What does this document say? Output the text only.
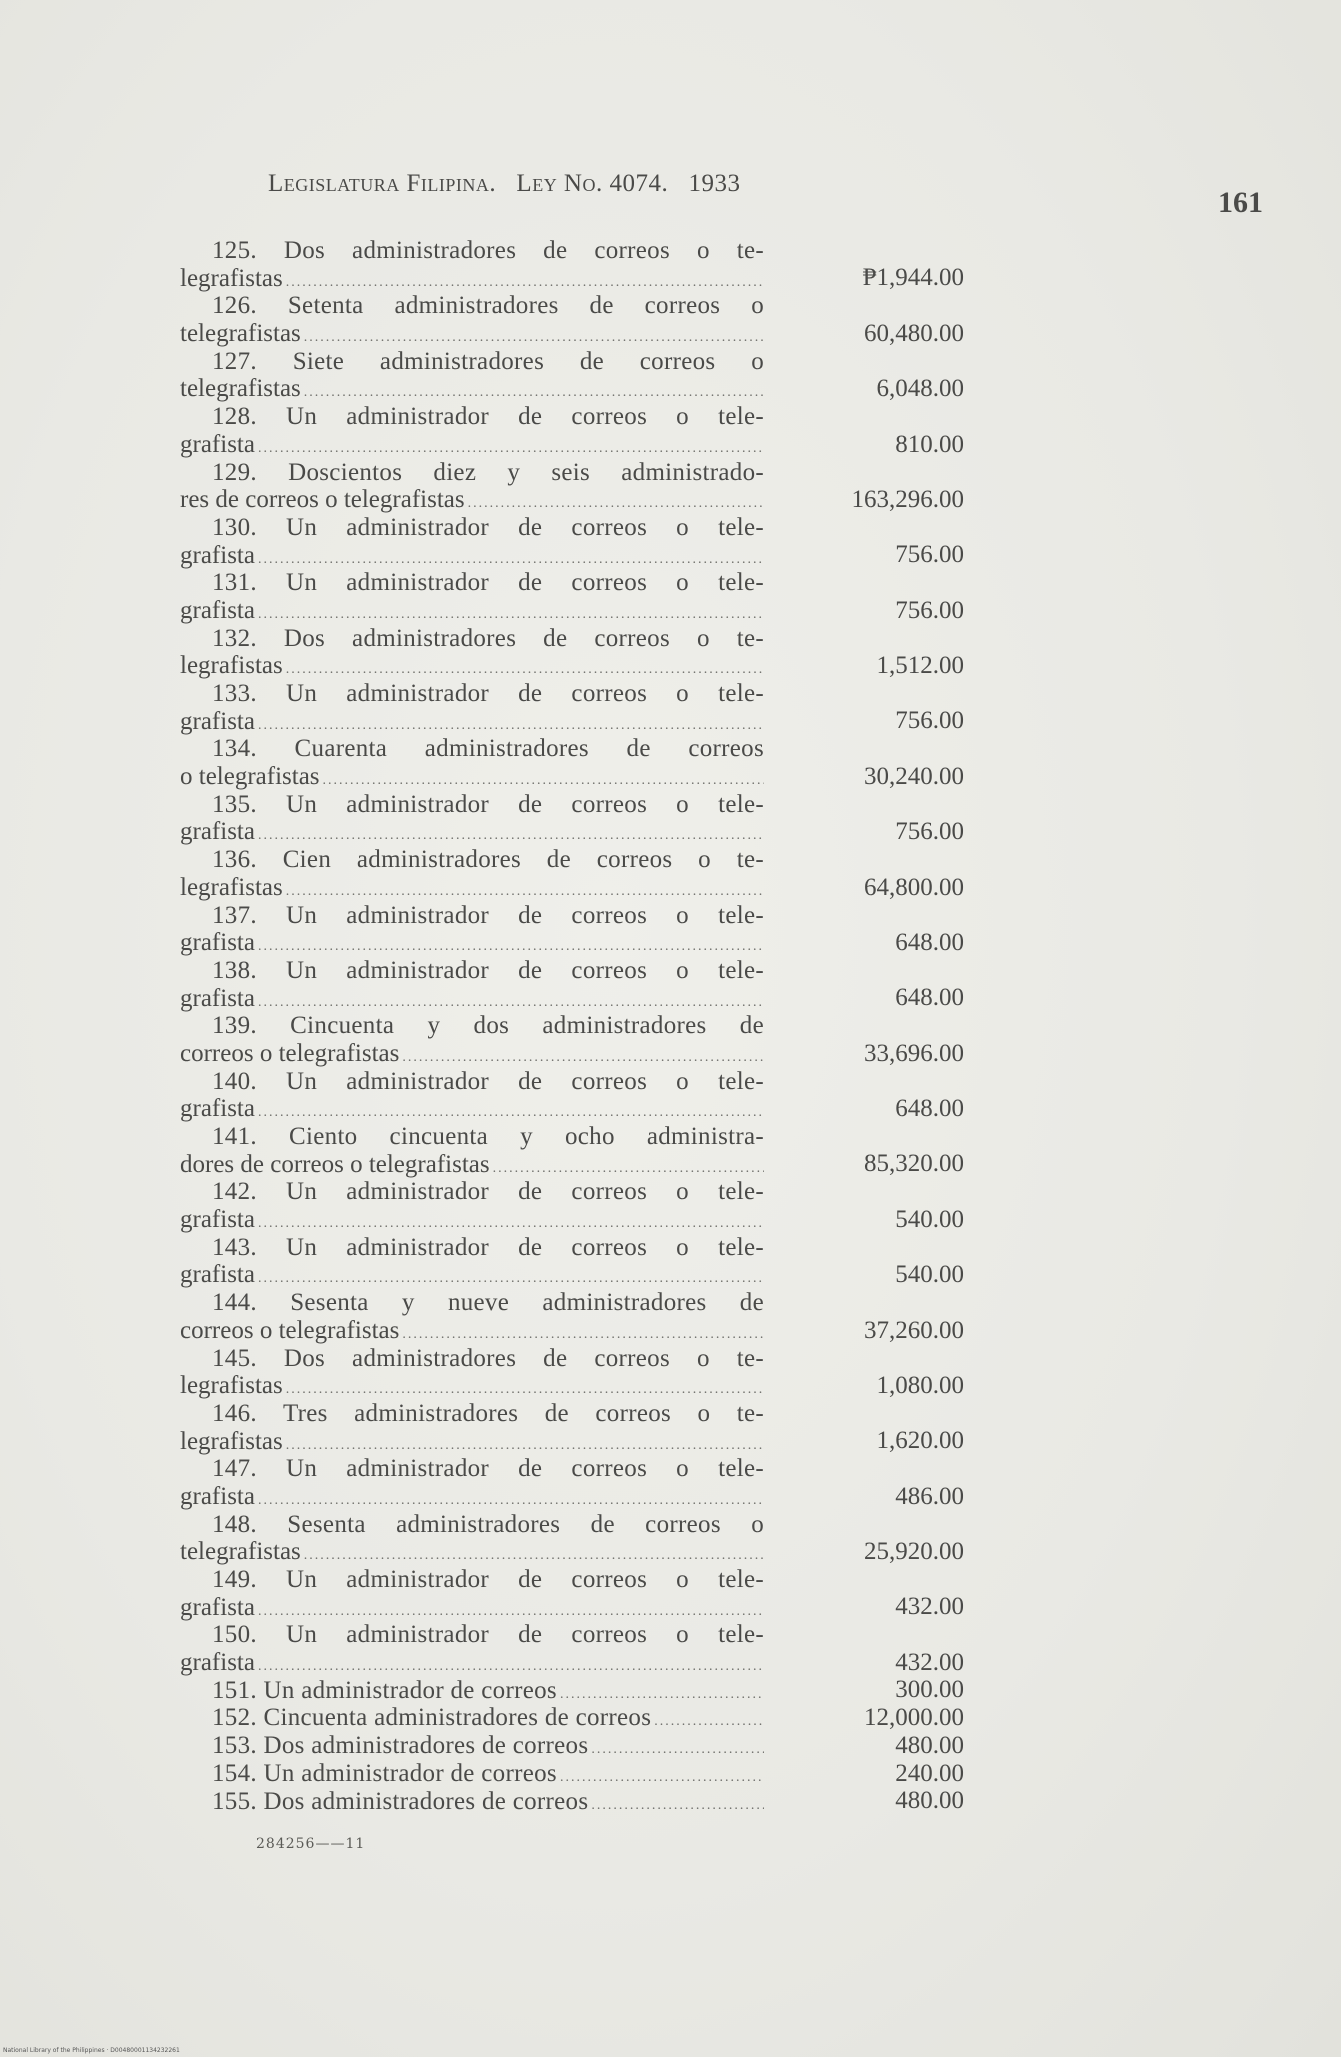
Legislatura Filipina. Ley No. 4074. 1933
161
125. Dos administradores de correos o te-
legrafistas .....	₱1,944.00
126. Setenta administradores de correos o
telegrafistas .....	60,480.00
127. Siete administradores de correos o
telegrafistas .....	6,048.00
128. Un administrador de correos o tele-
grafista .....	810.00
129. Doscientos diez y seis administrado-
res de correos o telegrafistas .....	163,296.00
130. Un administrador de correos o tele-
grafista .....	756.00
131. Un administrador de correos o tele-
grafista .....	756.00
132. Dos administradores de correos o te-
legrafistas .....	1,512.00
133. Un administrador de correos o tele-
grafista .....	756.00
134. Cuarenta administradores de correos
o telegrafistas .....	30,240.00
135. Un administrador de correos o tele-
grafista .....	756.00
136. Cien administradores de correos o te-
legrafistas .....	64,800.00
137. Un administrador de correos o tele-
grafista .....	648.00
138. Un administrador de correos o tele-
grafista .....	648.00
139. Cincuenta y dos administradores de
correos o telegrafistas .....	33,696.00
140. Un administrador de correos o tele-
grafista .....	648.00
141. Ciento cincuenta y ocho administra-
dores de correos o telegrafistas .....	85,320.00
142. Un administrador de correos o tele-
grafista .....	540.00
143. Un administrador de correos o tele-
grafista .....	540.00
144. Sesenta y nueve administradores de
correos o telegrafistas .....	37,260.00
145. Dos administradores de correos o te-
legrafistas .....	1,080.00
146. Tres administradores de correos o te-
legrafistas .....	1,620.00
147. Un administrador de correos o tele-
grafista .....	486.00
148. Sesenta administradores de correos o
telegrafistas .....	25,920.00
149. Un administrador de correos o tele-
grafista .....	432.00
150. Un administrador de correos o tele-
grafista .....	432.00
151. Un administrador de correos .....	300.00
152. Cincuenta administradores de correos .....	12,000.00
153. Dos administradores de correos .....	480.00
154. Un administrador de correos .....	240.00
155. Dos administradores de correos .....	480.00
284256——11
National Library of the Philippines · D00480001134232261
